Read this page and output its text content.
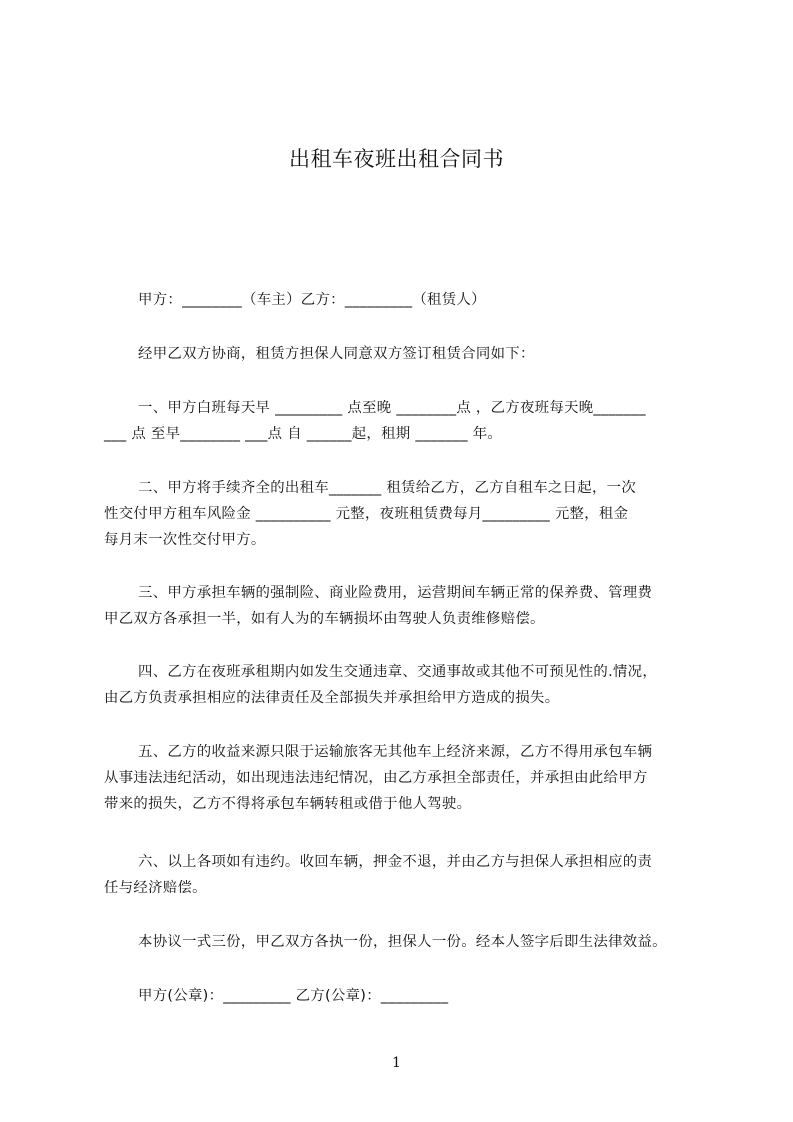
出租车夜班出租合同书
甲方：________（车主）乙方：_________（租赁人）
经甲乙双方协商，租赁方担保人同意双方签订租赁合同如下：
一、甲方白班每天早 _________ 点至晚 ________点 ，乙方夜班每天晚_______
___ 点 至早________ ___点 自 ______起，租期 _______ 年。
二、甲方将手续齐全的出租车_______ 租赁给乙方，乙方自租车之日起，一次
性交付甲方租车风险金 __________ 元整，夜班租赁费每月_________ 元整，租金
每月末一次性交付甲方。
三、甲方承担车辆的强制险、商业险费用，运营期间车辆正常的保养费、管理费
甲乙双方各承担一半，如有人为的车辆损坏由驾驶人负责维修赔偿。
四、乙方在夜班承租期内如发生交通违章、交通事故或其他不可预见性的.情况，
由乙方负责承担相应的法律责任及全部损失并承担给甲方造成的损失。
五、乙方的收益来源只限于运输旅客无其他车上经济来源，乙方不得用承包车辆
从事违法违纪活动，如出现违法违纪情况，由乙方承担全部责任，并承担由此给甲方
带来的损失，乙方不得将承包车辆转租或借于他人驾驶。
六、以上各项如有违约。收回车辆，押金不退，并由乙方与担保人承担相应的责
任与经济赔偿。
本协议一式三份，甲乙双方各执一份，担保人一份。经本人签字后即生法律效益。
甲方(公章)：_________ 乙方(公章)：_________
1
